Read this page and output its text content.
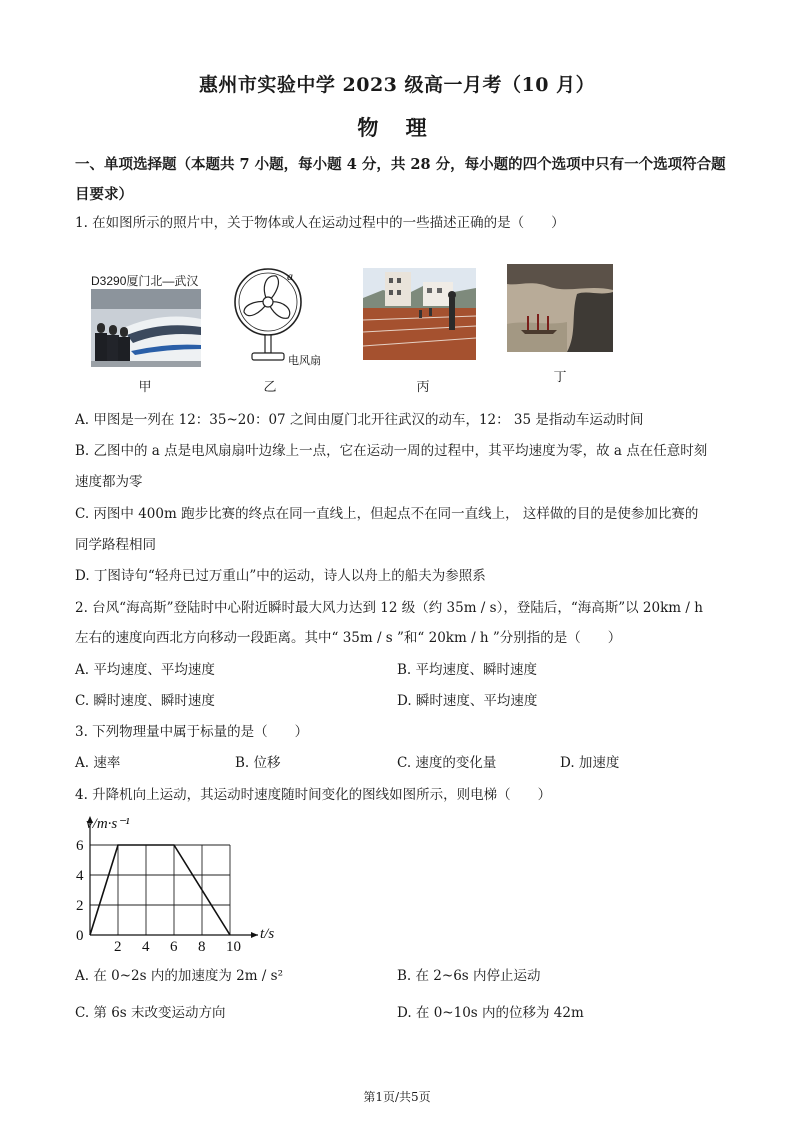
惠州市实验中学 2023 级高一月考（10 月）
物 理
一、单项选择题（本题共 7 小题，每小题 4 分，共 28 分，每小题的四个选项中只有一个选项符合题目要求）
1. 在如图所示的照片中，关于物体或人在运动过程中的一些描述正确的是（　　）
D3290厦门北—武汉
甲
a
电风扇
乙	丙
丁
A. 甲图是一列在 12：35~20：07 之间由厦门北开往武汉的动车，12： 35 是指动车运动时间
B. 乙图中的 a 点是电风扇扇叶边缘上一点，它在运动一周的过程中，其平均速度为零，故 a 点在任意时刻
速度都为零
C. 丙图中 400m 跑步比赛的终点在同一直线上，但起点不在同一直线上， 这样做的目的是使参加比赛的
同学路程相同
D. 丁图诗句“轻舟已过万重山”中的运动，诗人以舟上的船夫为参照系
2. 台风“海高斯”登陆时中心附近瞬时最大风力达到 12 级（约 35m / s），登陆后，“海高斯”以 20km / h
左右的速度向西北方向移动一段距离。其中“ 35m / s ”和“ 20km / h ”分别指的是（　　）
A. 平均速度、平均速度	B. 平均速度、瞬时速度
C. 瞬时速度、瞬时速度	D. 瞬时速度、平均速度
3. 下列物理量中属于标量的是（　　）
A. 速率	B. 位移	C. 速度的变化量	D. 加速度
4. 升降机向上运动，其运动时速度随时间变化的图线如图所示，则电梯（　　）
0
2 4 6 8 10
2
4
6
v/m·s⁻¹
t/s
A. 在 0~2s 内的加速度为 2m / s²	B. 在 2~6s 内停止运动
C. 第 6s 末改变运动方向	D. 在 0~10s 内的位移为 42m
第1页/共5页
